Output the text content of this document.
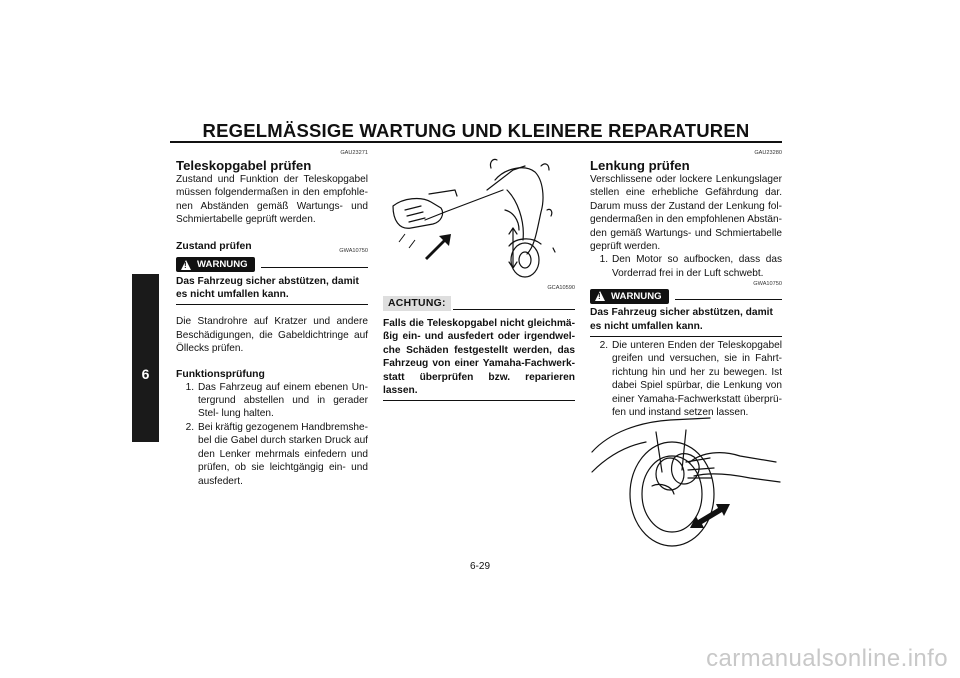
REGELMÄSSIGE WARTUNG UND KLEINERE REPARATUREN
6
GAU23271
Teleskopgabel prüfen
Zustand und Funktion der Teleskopgabel müssen folgendermaßen in den empfohle- nen Abständen gemäß Wartungs- und Schmiertabelle geprüft werden.
Zustand prüfen	GWA10750
! WARNUNG
Das Fahrzeug sicher abstützen, damit es nicht umfallen kann.
Die Standrohre auf Kratzer und andere Beschädigungen, die Gabeldichtringe auf Öllecks prüfen.
Funktionsprüfung
1. Das Fahrzeug auf einem ebenen Un- tergrund abstellen und in gerader Stel- lung halten.
2. Bei kräftig gezogenem Handbremshe- bel die Gabel durch starken Druck auf den Lenker mehrmals einfedern und prüfen, ob sie leichtgängig ein- und ausfedert.
GCA10590
ACHTUNG:
Falls die Teleskopgabel nicht gleichmä- ßig ein- und ausfedert oder irgendwel- che Schäden festgestellt werden, das Fahrzeug von einer Yamaha-Fachwerk- statt überprüfen bzw. reparieren lassen.
GAU23280
Lenkung prüfen
Verschlissene oder lockere Lenkungslager stellen eine erhebliche Gefährdung dar. Darum muss der Zustand der Lenkung fol- gendermaßen in den empfohlenen Abstän- den gemäß Wartungs- und Schmiertabelle geprüft werden.
1. Den Motor so aufbocken, dass das Vorderrad frei in der Luft schwebt.
GWA10750
! WARNUNG
Das Fahrzeug sicher abstützen, damit es nicht umfallen kann.
2. Die unteren Enden der Teleskopgabel greifen und versuchen, sie in Fahrt- richtung hin und her zu bewegen. Ist dabei Spiel spürbar, die Lenkung von einer Yamaha-Fachwerkstatt überprü- fen und instand setzen lassen.
6-29
carmanualsonline.info
